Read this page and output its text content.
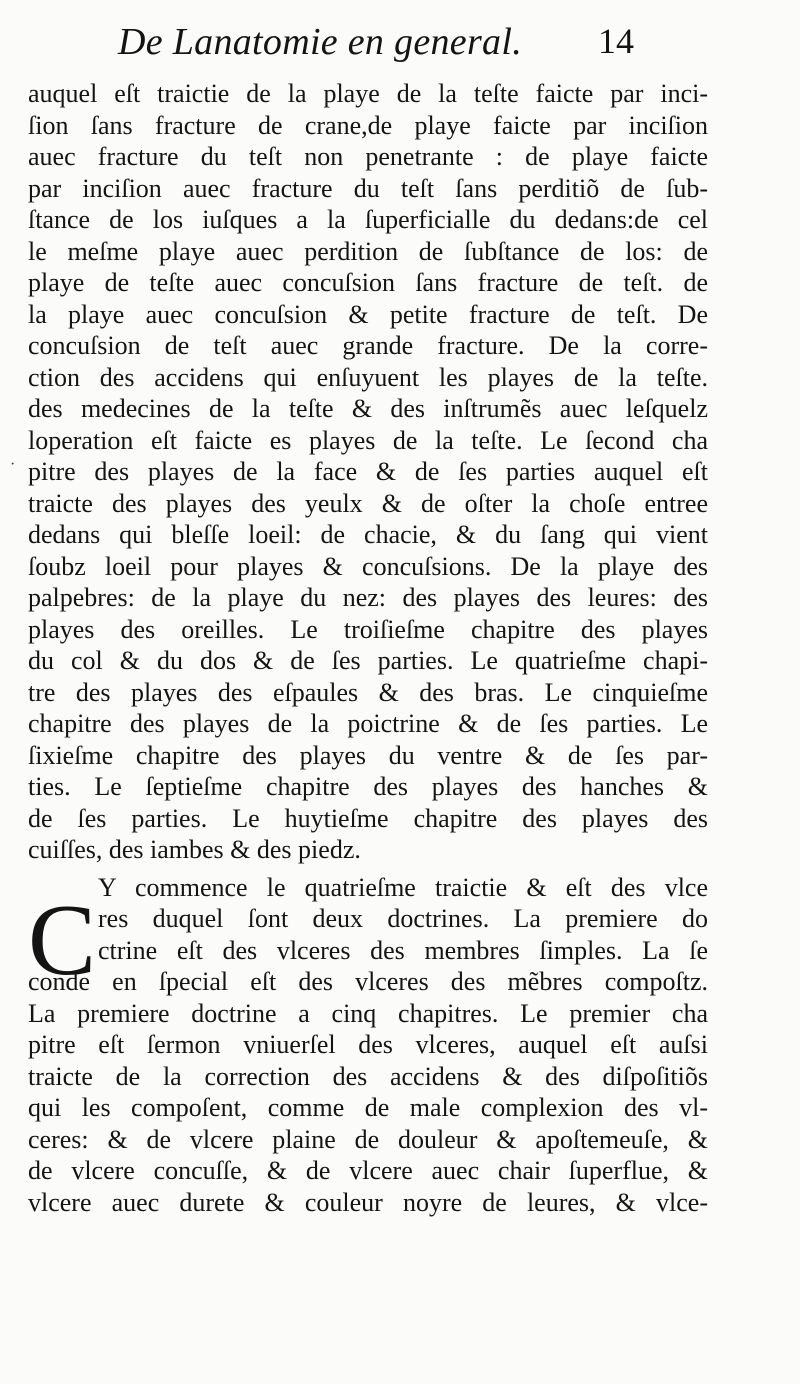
De Lanatomie en general. 14
auquel eſt traictie de la playe de la teſte faicte par inci-
ſion ſans fracture de crane,de playe faicte par inciſion
auec fracture du teſt non penetrante : de playe faicte
par inciſion auec fracture du teſt ſans perditiõ de ſub-
ſtance de los iuſques a la ſuperficialle du dedans:de cel
le meſme playe auec perdition de ſubſtance de los: de
playe de teſte auec concuſsion ſans fracture de teſt. de
la playe auec concuſsion & petite fracture de teſt. De
concuſsion de teſt auec grande fracture. De la corre-
ction des accidens qui enſuyuent les playes de la teſte.
des medecines de la teſte & des inſtrumẽs auec leſquelz
loperation eſt faicte es playes de la teſte. Le ſecond cha
pitre des playes de la face & de ſes parties auquel eſt
traicte des playes des yeulx & de oſter la choſe entree
dedans qui bleſſe loeil: de chacie, & du ſang qui vient
ſoubz loeil pour playes & concuſsions. De la playe des
palpebres: de la playe du nez: des playes des leures: des
playes des oreilles. Le troiſieſme chapitre des playes
du col & du dos & de ſes parties. Le quatrieſme chapi-
tre des playes des eſpaules & des bras. Le cinquieſme
chapitre des playes de la poictrine & de ſes parties. Le
ſixieſme chapitre des playes du ventre & de ſes par-
ties. Le ſeptieſme chapitre des playes des hanches &
de ſes parties. Le huytieſme chapitre des playes des
cuiſſes, des iambes & des piedz.
Y commence le quatrieſme traictie & eſt des vlce
res duquel ſont deux doctrines. La premiere do
ctrine eſt des vlceres des membres ſimples. La ſe
conde en ſpecial eſt des vlceres des mẽbres compoſtz.
La premiere doctrine a cinq chapitres. Le premier cha
pitre eſt ſermon vniuerſel des vlceres, auquel eſt auſsi
traicte de la correction des accidens & des diſpoſitiõs
qui les compoſent, comme de male complexion des vl-
ceres: & de vlcere plaine de douleur & apoſtemeuſe, &
de vlcere concuſſe, & de vlcere auec chair ſuperflue, &
vlcere auec durete & couleur noyre de leures, & vlce-
C
·
